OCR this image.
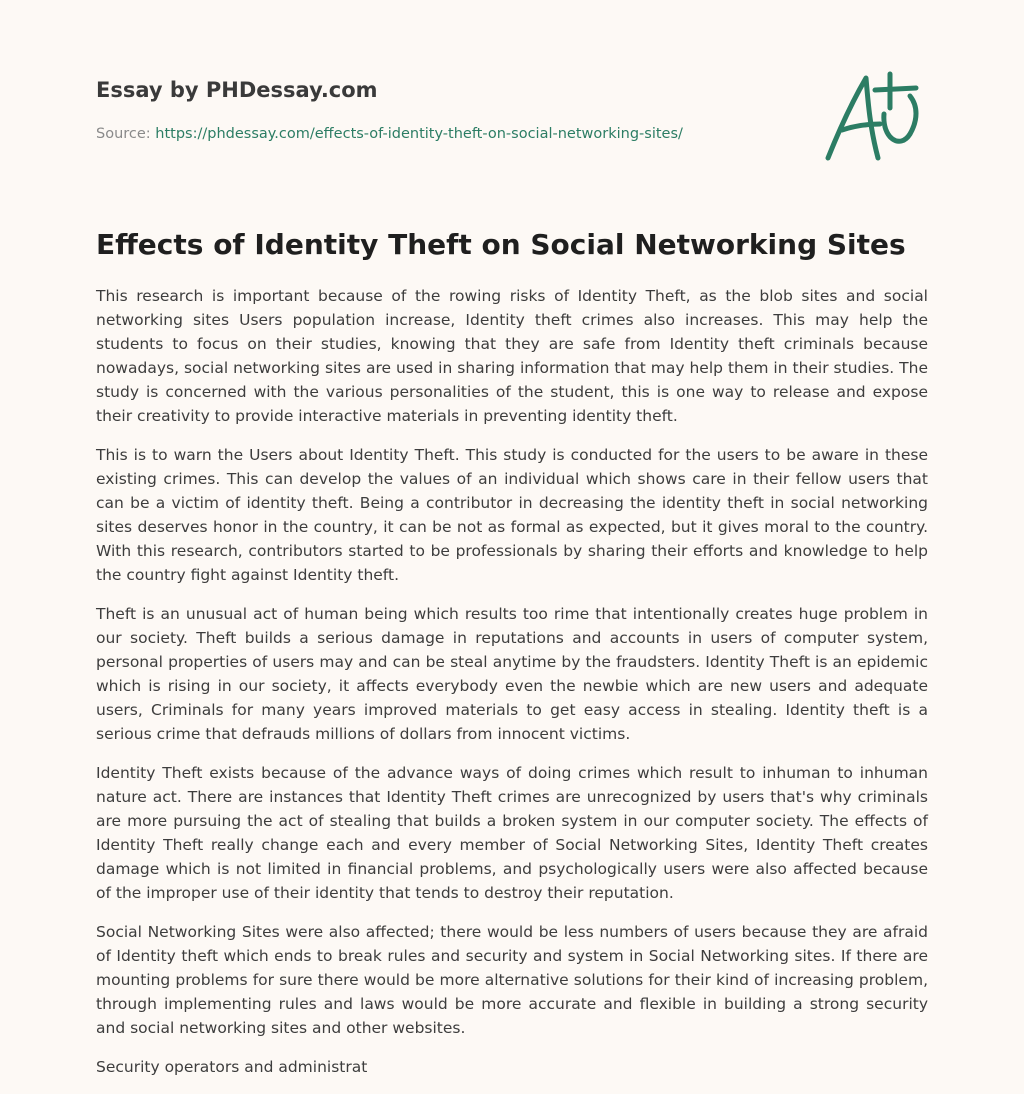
Essay by PHDessay.com
Source: https://phdessay.com/effects-of-identity-theft-on-social-networking-sites/
Effects of Identity Theft on Social Networking Sites

This research is important because of the rowing risks of Identity Theft, as the blob sites and social networking sites Users population increase, Identity theft crimes also increases. This may help the students to focus on their studies, knowing that they are safe from Identity theft criminals because nowadays, social networking sites are used in sharing information that may help them in their studies. The study is concerned with the various personalities of the student, this is one way to release and expose their creativity to provide interactive materials in preventing identity theft.

This is to warn the Users about Identity Theft. This study is conducted for the users to be aware in these existing crimes. This can develop the values of an individual which shows care in their fellow users that can be a victim of identity theft. Being a contributor in decreasing the identity theft in social networking sites deserves honor in the country, it can be not as formal as expected, but it gives moral to the country. With this research, contributors started to be professionals by sharing their efforts and knowledge to help the country fight against Identity theft.

Theft is an unusual act of human being which results too rime that intentionally creates huge problem in our society. Theft builds a serious damage in reputations and accounts in users of computer system, personal properties of users may and can be steal anytime by the fraudsters. Identity Theft is an epidemic which is rising in our society, it affects everybody even the newbie which are new users and adequate users, Criminals for many years improved materials to get easy access in stealing. Identity theft is a serious crime that defrauds millions of dollars from innocent victims.

Identity Theft exists because of the advance ways of doing crimes which result to inhuman to inhuman nature act. There are instances that Identity Theft crimes are unrecognized by users that's why criminals are more pursuing the act of stealing that builds a broken system in our computer society. The effects of Identity Theft really change each and every member of Social Networking Sites, Identity Theft creates damage which is not limited in financial problems, and psychologically users were also affected because of the improper use of their identity that tends to destroy their reputation.

Social Networking Sites were also affected; there would be less numbers of users because they are afraid of Identity theft which ends to break rules and security and system in Social Networking sites. If there are mounting problems for sure there would be more alternative solutions for their kind of increasing problem, through implementing rules and laws would be more accurate and flexible in building a strong security and social networking sites and other websites.

Security operators and administrat
